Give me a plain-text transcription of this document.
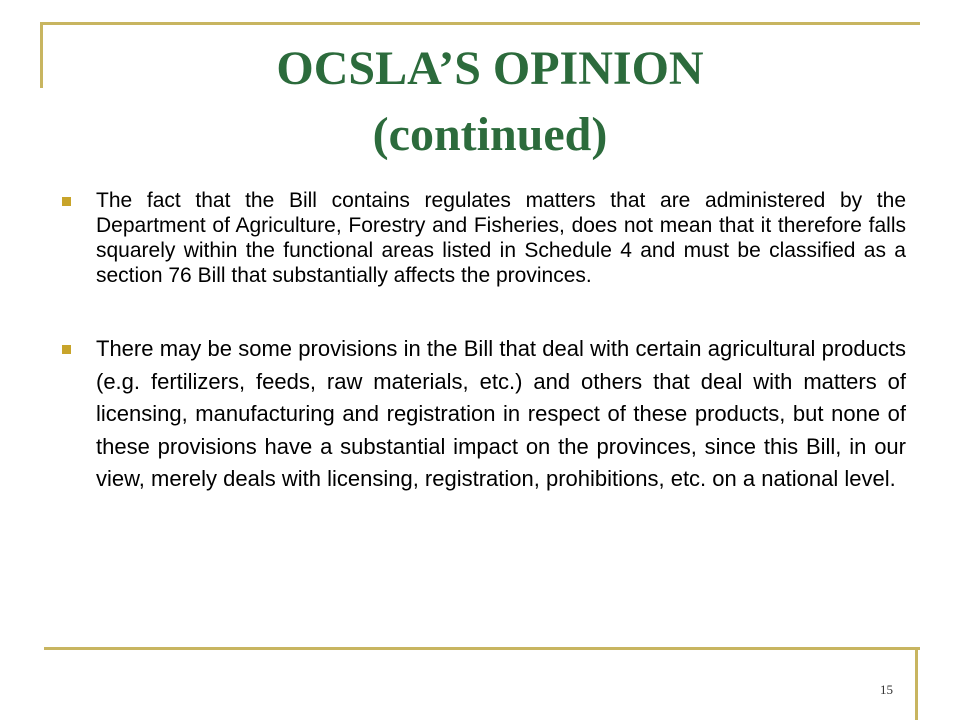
OCSLA’S OPINION
(continued)
The fact that the Bill contains regulates matters that are administered by the Department of Agriculture, Forestry and Fisheries, does not mean that it therefore falls squarely within the functional areas listed in Schedule 4 and must be classified as a section 76 Bill that substantially affects the provinces.
There may be some provisions in the Bill that deal with certain agricultural products (e.g. fertilizers, feeds, raw materials, etc.) and others that deal with matters of licensing, manufacturing and registration in respect of these products, but none of these provisions have a substantial impact on the provinces, since this Bill, in our view, merely deals with licensing, registration, prohibitions, etc. on a national level.
15
